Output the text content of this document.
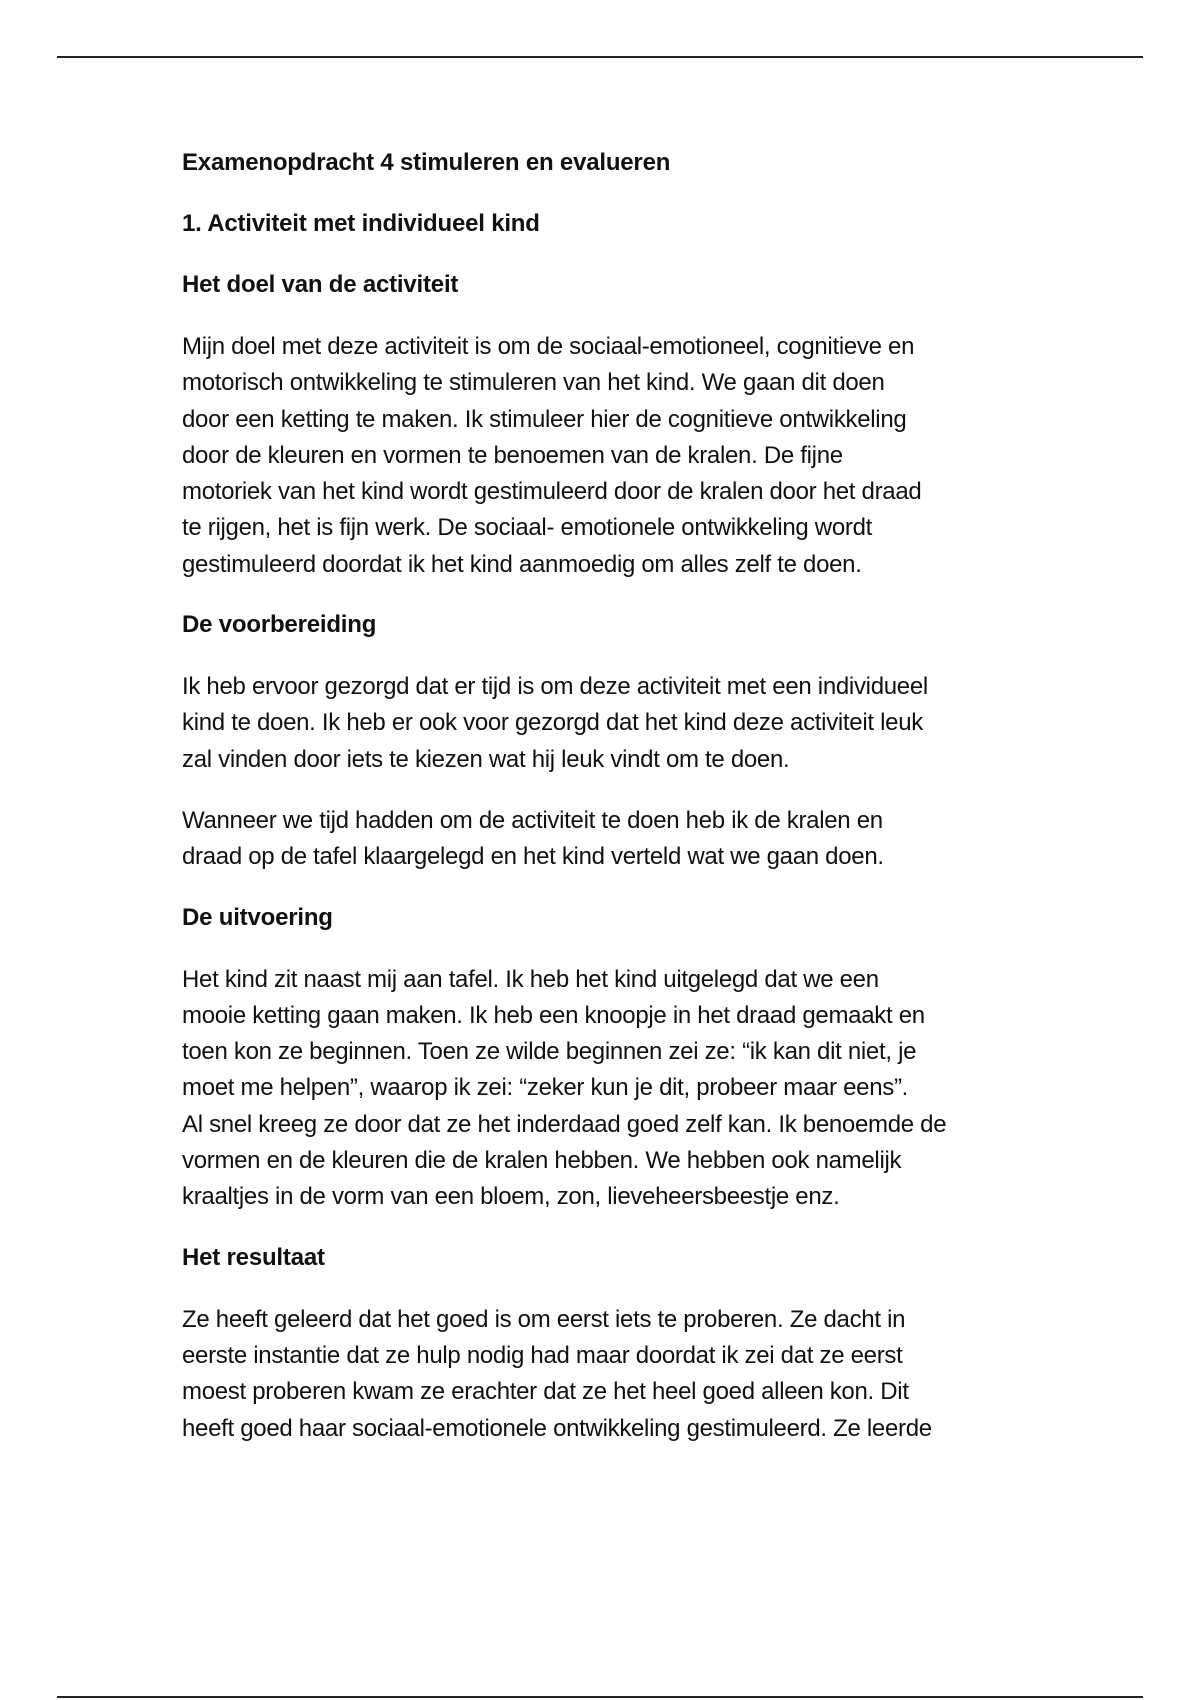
Examenopdracht 4 stimuleren en evalueren
1. Activiteit met individueel kind
Het doel van de activiteit
Mijn doel met deze activiteit is om de sociaal-emotioneel, cognitieve en
motorisch ontwikkeling te stimuleren van het kind. We gaan dit doen
door een ketting te maken. Ik stimuleer hier de cognitieve ontwikkeling
door de kleuren en vormen te benoemen van de kralen. De fijne
motoriek van het kind wordt gestimuleerd door de kralen door het draad
te rijgen, het is fijn werk. De sociaal- emotionele ontwikkeling wordt
gestimuleerd doordat ik het kind aanmoedig om alles zelf te doen.
De voorbereiding
Ik heb ervoor gezorgd dat er tijd is om deze activiteit met een individueel
kind te doen. Ik heb er ook voor gezorgd dat het kind deze activiteit leuk
zal vinden door iets te kiezen wat hij leuk vindt om te doen.
Wanneer we tijd hadden om de activiteit te doen heb ik de kralen en
draad op de tafel klaargelegd en het kind verteld wat we gaan doen.
De uitvoering
Het kind zit naast mij aan tafel. Ik heb het kind uitgelegd dat we een
mooie ketting gaan maken. Ik heb een knoopje in het draad gemaakt en
toen kon ze beginnen. Toen ze wilde beginnen zei ze: “ik kan dit niet, je
moet me helpen”, waarop ik zei: “zeker kun je dit, probeer maar eens”.
Al snel kreeg ze door dat ze het inderdaad goed zelf kan. Ik benoemde de
vormen en de kleuren die de kralen hebben. We hebben ook namelijk
kraaltjes in de vorm van een bloem, zon, lieveheersbeestje enz.
Het resultaat
Ze heeft geleerd dat het goed is om eerst iets te proberen. Ze dacht in
eerste instantie dat ze hulp nodig had maar doordat ik zei dat ze eerst
moest proberen kwam ze erachter dat ze het heel goed alleen kon. Dit
heeft goed haar sociaal-emotionele ontwikkeling gestimuleerd. Ze leerde
